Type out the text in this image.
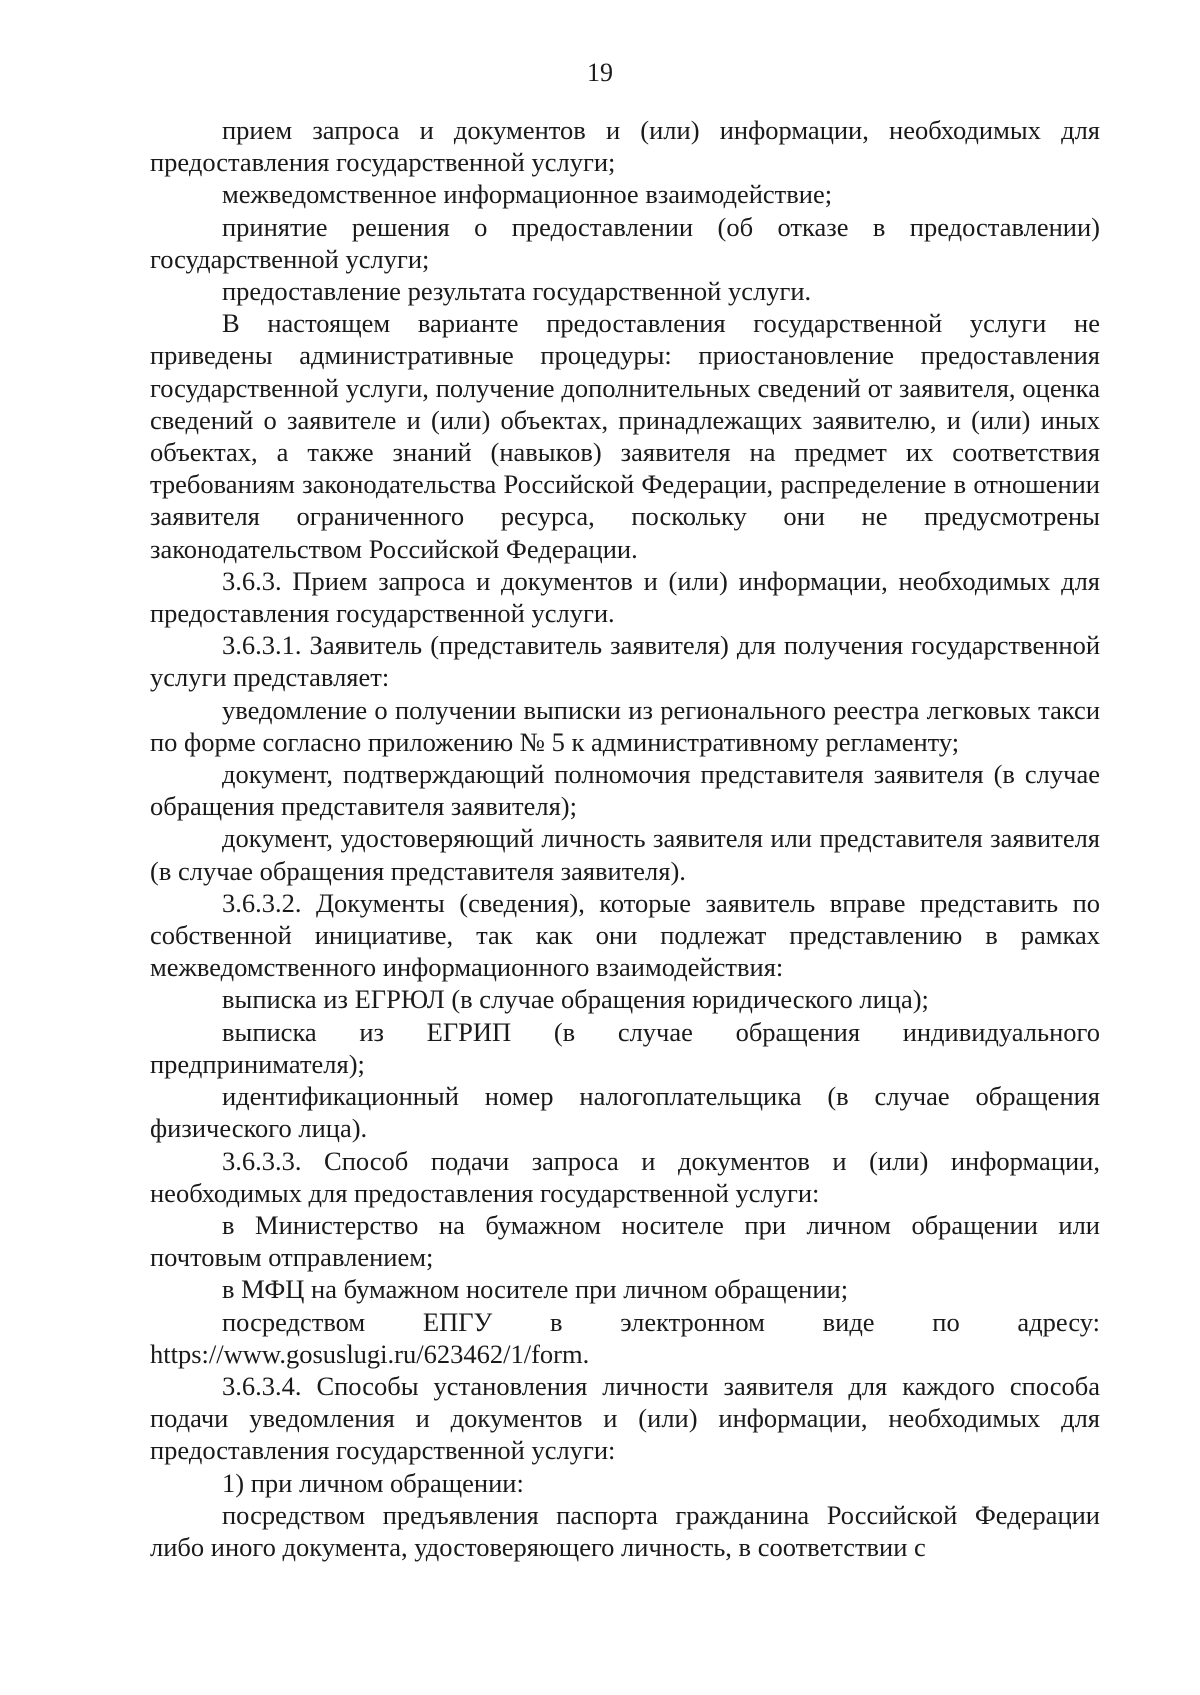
19

прием запроса и документов и (или) информации, необходимых для предоставления государственной услуги;

межведомственное информационное взаимодействие;

принятие решения о предоставлении (об отказе в предоставлении) государственной услуги;

предоставление результата государственной услуги.

В настоящем варианте предоставления государственной услуги не приведены административные процедуры: приостановление предоставления государственной услуги, получение дополнительных сведений от заявителя, оценка сведений о заявителе и (или) объектах, принадлежащих заявителю, и (или) иных объектах, а также знаний (навыков) заявителя на предмет их соответствия требованиям законодательства Российской Федерации, распределение в отношении заявителя ограниченного ресурса, поскольку они не предусмотрены законодательством Российской Федерации.

3.6.3. Прием запроса и документов и (или) информации, необходимых для предоставления государственной услуги.

3.6.3.1. Заявитель (представитель заявителя) для получения государственной услуги представляет:

уведомление о получении выписки из регионального реестра легковых такси по форме согласно приложению № 5 к административному регламенту;

документ, подтверждающий полномочия представителя заявителя (в случае обращения представителя заявителя);

документ, удостоверяющий личность заявителя или представителя заявителя (в случае обращения представителя заявителя).

3.6.3.2. Документы (сведения), которые заявитель вправе представить по собственной инициативе, так как они подлежат представлению в рамках межведомственного информационного взаимодействия:

выписка из ЕГРЮЛ (в случае обращения юридического лица);

выписка из ЕГРИП (в случае обращения индивидуального предпринимателя);

идентификационный номер налогоплательщика (в случае обращения физического лица).

3.6.3.3. Способ подачи запроса и документов и (или) информации, необходимых для предоставления государственной услуги:

в Министерство на бумажном носителе при личном обращении или почтовым отправлением;

в МФЦ на бумажном носителе при личном обращении;

посредством ЕПГУ в электронном виде по адресу: https://www.gosuslugi.ru/623462/1/form.

3.6.3.4. Способы установления личности заявителя для каждого способа подачи уведомления и документов и (или) информации, необходимых для предоставления государственной услуги:

1) при личном обращении:

посредством предъявления паспорта гражданина Российской Федерации либо иного документа, удостоверяющего личность, в соответствии с
